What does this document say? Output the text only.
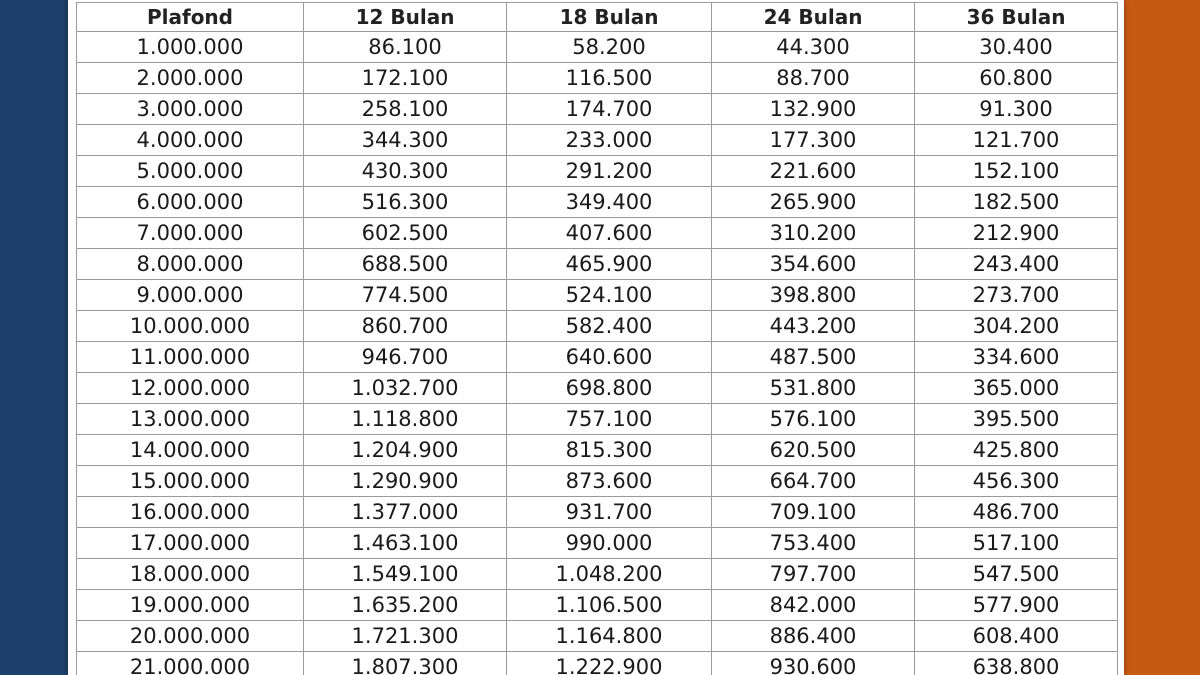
Plafond	12 Bulan	18 Bulan	24 Bulan	36 Bulan
1.000.000	86.100	58.200	44.300	30.400
2.000.000	172.100	116.500	88.700	60.800
3.000.000	258.100	174.700	132.900	91.300
4.000.000	344.300	233.000	177.300	121.700
5.000.000	430.300	291.200	221.600	152.100
6.000.000	516.300	349.400	265.900	182.500
7.000.000	602.500	407.600	310.200	212.900
8.000.000	688.500	465.900	354.600	243.400
9.000.000	774.500	524.100	398.800	273.700
10.000.000	860.700	582.400	443.200	304.200
11.000.000	946.700	640.600	487.500	334.600
12.000.000	1.032.700	698.800	531.800	365.000
13.000.000	1.118.800	757.100	576.100	395.500
14.000.000	1.204.900	815.300	620.500	425.800
15.000.000	1.290.900	873.600	664.700	456.300
16.000.000	1.377.000	931.700	709.100	486.700
17.000.000	1.463.100	990.000	753.400	517.100
18.000.000	1.549.100	1.048.200	797.700	547.500
19.000.000	1.635.200	1.106.500	842.000	577.900
20.000.000	1.721.300	1.164.800	886.400	608.400
21.000.000	1.807.300	1.222.900	930.600	638.800
